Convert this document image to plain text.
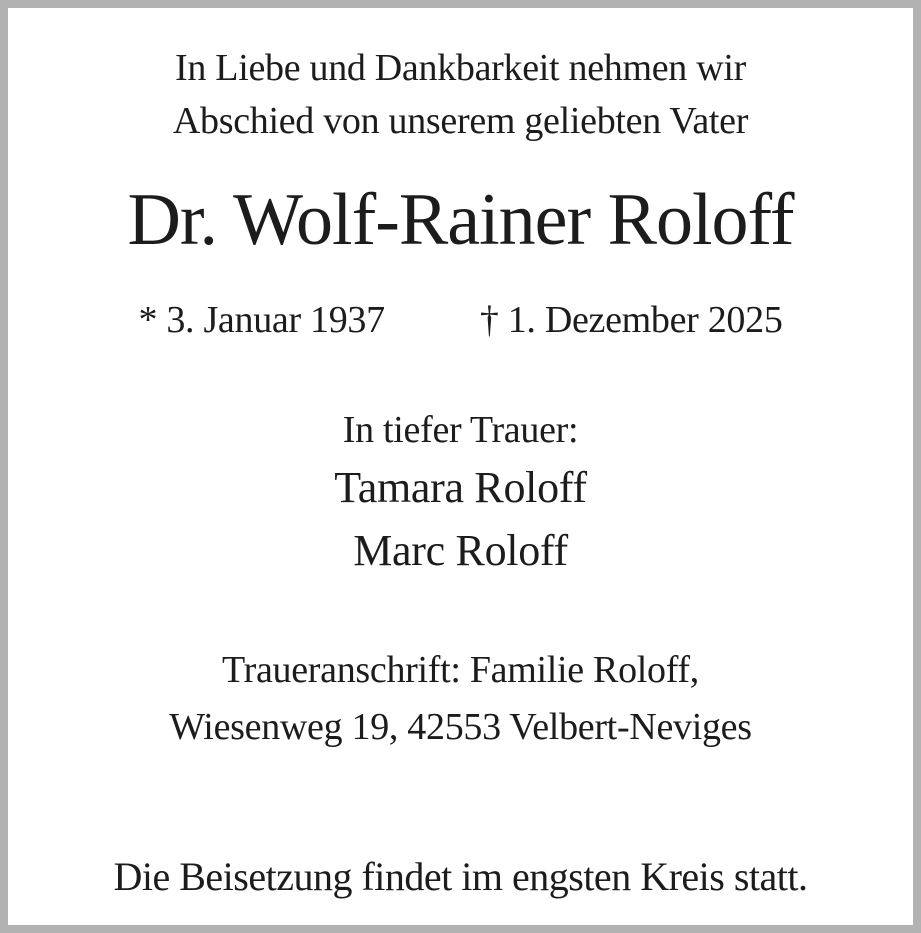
In Liebe und Dankbarkeit nehmen wir
Abschied von unserem geliebten Vater
Dr. Wolf-Rainer Roloff
* 3. Januar 1937	† 1. Dezember 2025
In tiefer Trauer:
Tamara Roloff
Marc Roloff
Traueranschrift: Familie Roloff,
Wiesenweg 19, 42553 Velbert-Neviges
Die Beisetzung findet im engsten Kreis statt.
